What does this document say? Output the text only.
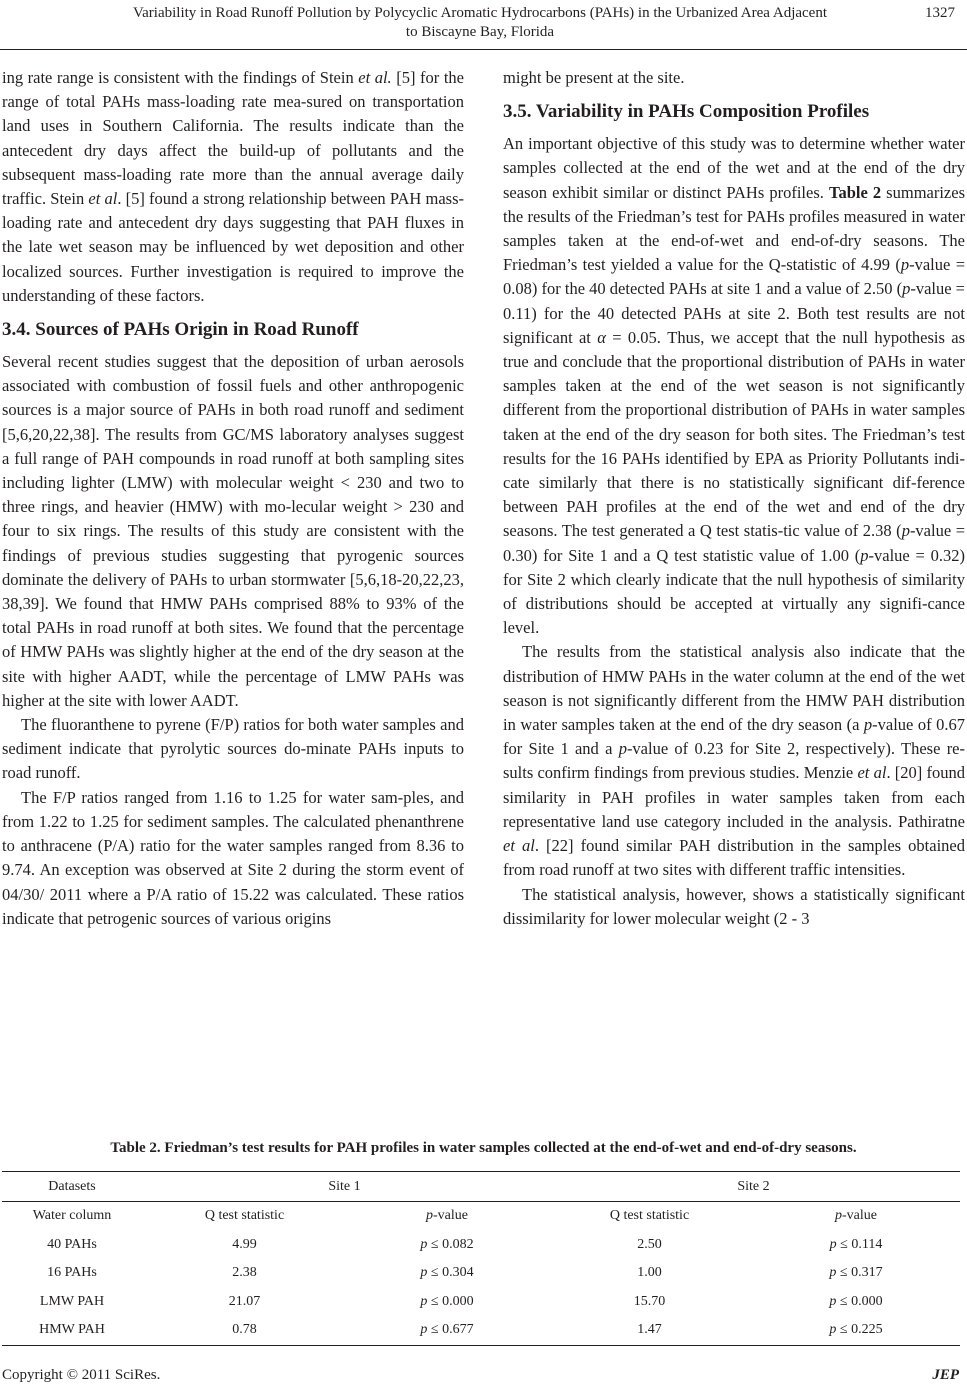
Variability in Road Runoff Pollution by Polycyclic Aromatic Hydrocarbons (PAHs) in the Urbanized Area Adjacent
to Biscayne Bay, Florida
1327

ing rate range is consistent with the findings of Stein et al. [5] for the range of total PAHs mass-loading rate mea-sured on transportation land uses in Southern California. The results indicate than the antecedent dry days affect the build-up of pollutants and the subsequent mass-loading rate more than the annual average daily traffic. Stein et al. [5] found a strong relationship between PAH mass-loading rate and antecedent dry days suggesting that PAH fluxes in the late wet season may be influenced by wet deposition and other localized sources. Further investigation is required to improve the understanding of these factors.

3.4. Sources of PAHs Origin in Road Runoff

Several recent studies suggest that the deposition of urban aerosols associated with combustion of fossil fuels and other anthropogenic sources is a major source of PAHs in both road runoff and sediment [5,6,20,22,38]. The results from GC/MS laboratory analyses suggest a full range of PAH compounds in road runoff at both sampling sites including lighter (LMW) with molecular weight < 230 and two to three rings, and heavier (HMW) with mo-lecular weight > 230 and four to six rings. The results of this study are consistent with the findings of previous studies suggesting that pyrogenic sources dominate the delivery of PAHs to urban stormwater [5,6,18-20,22,23, 38,39]. We found that HMW PAHs comprised 88% to 93% of the total PAHs in road runoff at both sites. We found that the percentage of HMW PAHs was slightly higher at the end of the dry season at the site with higher AADT, while the percentage of LMW PAHs was higher at the site with lower AADT.

The fluoranthene to pyrene (F/P) ratios for both water samples and sediment indicate that pyrolytic sources do-minate PAHs inputs to road runoff.

The F/P ratios ranged from 1.16 to 1.25 for water sam-ples, and from 1.22 to 1.25 for sediment samples. The calculated phenanthrene to anthracene (P/A) ratio for the water samples ranged from 8.36 to 9.74. An exception was observed at Site 2 during the storm event of 04/30/ 2011 where a P/A ratio of 15.22 was calculated. These ratios indicate that petrogenic sources of various origins

might be present at the site.

3.5. Variability in PAHs Composition Profiles

An important objective of this study was to determine whether water samples collected at the end of the wet and at the end of the dry season exhibit similar or distinct PAHs profiles. Table 2 summarizes the results of the Friedman’s test for PAHs profiles measured in water samples taken at the end-of-wet and end-of-dry seasons. The Friedman’s test yielded a value for the Q-statistic of 4.99 (p-value = 0.08) for the 40 detected PAHs at site 1 and a value of 2.50 (p-value = 0.11) for the 40 detected PAHs at site 2. Both test results are not significant at α = 0.05. Thus, we accept that the null hypothesis as true and conclude that the proportional distribution of PAHs in water samples taken at the end of the wet season is not significantly different from the proportional distribution of PAHs in water samples taken at the end of the dry season for both sites. The Friedman’s test results for the 16 PAHs identified by EPA as Priority Pollutants indi-cate similarly that there is no statistically significant dif-ference between PAH profiles at the end of the wet and end of the dry seasons. The test generated a Q test statis-tic value of 2.38 (p-value = 0.30) for Site 1 and a Q test statistic value of 1.00 (p-value = 0.32) for Site 2 which clearly indicate that the null hypothesis of similarity of distributions should be accepted at virtually any signifi-cance level.

The results from the statistical analysis also indicate that the distribution of HMW PAHs in the water column at the end of the wet season is not significantly different from the HMW PAH distribution in water samples taken at the end of the dry season (a p-value of 0.67 for Site 1 and a p-value of 0.23 for Site 2, respectively). These re-sults confirm findings from previous studies. Menzie et al. [20] found similarity in PAH profiles in water samples taken from each representative land use category included in the analysis. Pathiratne et al. [22] found similar PAH distribution in the samples obtained from road runoff at two sites with different traffic intensities.

The statistical analysis, however, shows a statistically significant dissimilarity for lower molecular weight (2 - 3

Table 2. Friedman’s test results for PAH profiles in water samples collected at the end-of-wet and end-of-dry seasons.
Datasets	Site 1		Site 2	
Water column	Q test statistic	p-value	Q test statistic	p-value
40 PAHs	4.99	p ≤ 0.082	2.50	p ≤ 0.114
16 PAHs	2.38	p ≤ 0.304	1.00	p ≤ 0.317
LMW PAH	21.07	p ≤ 0.000	15.70	p ≤ 0.000
HMW PAH	0.78	p ≤ 0.677	1.47	p ≤ 0.225
Copyright © 2011 SciRes.	JEP
